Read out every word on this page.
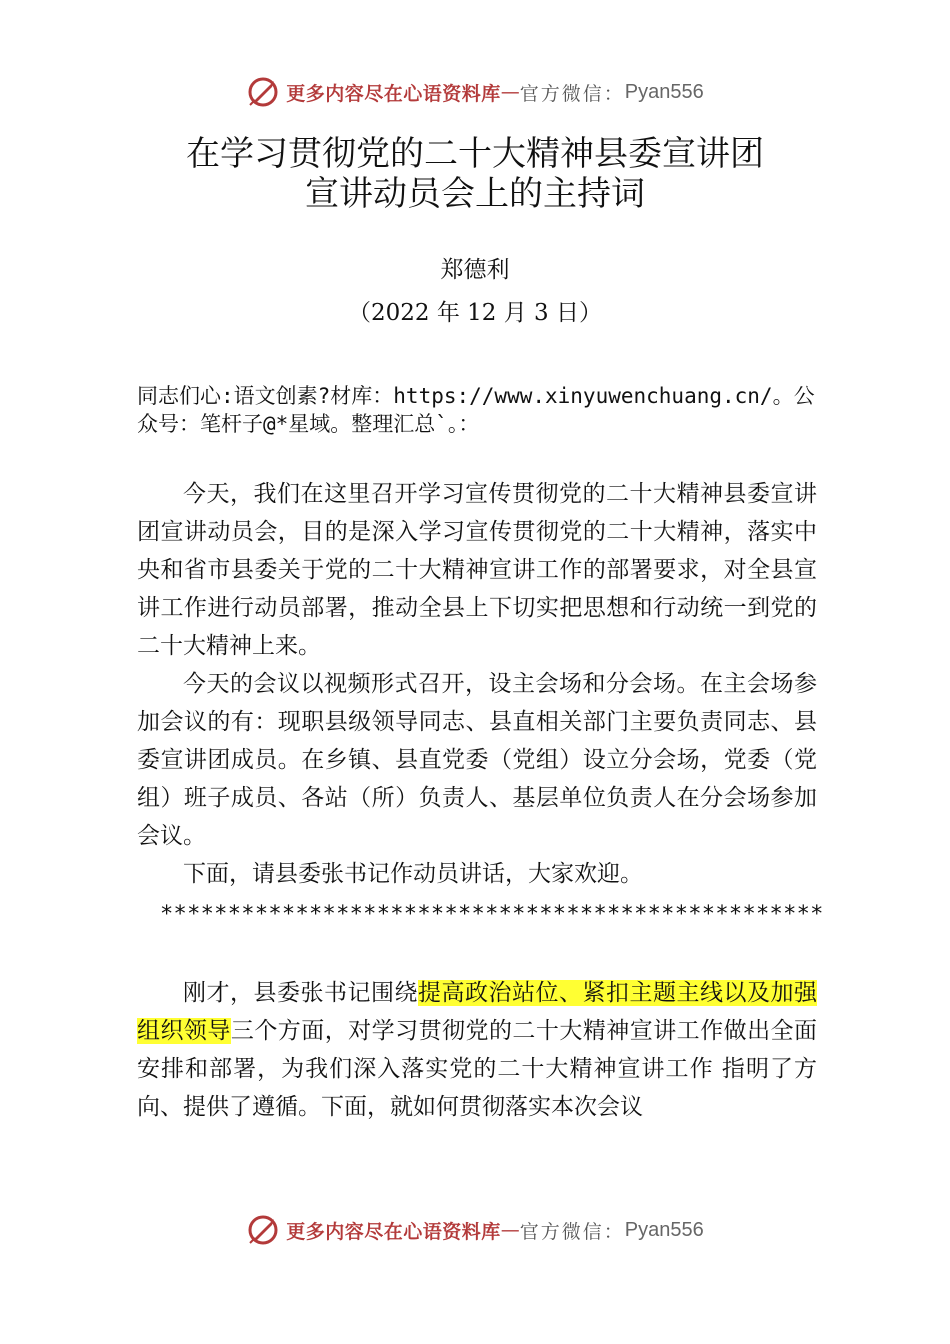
更多内容尽在心语资料库 — 官方微信： Pyan556
在学习贯彻党的二十大精神县委宣讲团
宣讲动员会上的主持词
郑德利
（2022 年 12 月 3 日）
同志们心:语文创素?材库：https://www.xinyuwenchuang.cn/。公众号：笔杆子@*星域。整理汇总`。：
今天，我们在这里召开学习宣传贯彻党的二十大精神县委宣讲团宣讲动员会，目的是深入学习宣传贯彻党的二十大精神，落实中央和省市县委关于党的二十大精神宣讲工作的部署要求，对全县宣讲工作进行动员部署，推动全县上下切实把思想和行动统一到党的二十大精神上来。
今天的会议以视频形式召开，设主会场和分会场。在主会场参加会议的有：现职县级领导同志、县直相关部门主要负责同志、县委宣讲团成员。在乡镇、县直党委（党组）设立分会场，党委（党组）班子成员、各站（所）负责人、基层单位负责人在分会场参加会议。
下面，请县委张书记作动员讲话，大家欢迎。
*************************************************
刚才，县委张书记围绕提高政治站位、紧扣主题主线以及加强组织领导三个方面，对学习贯彻党的二十大精神宣讲工作做出全面安排和部署，为我们深入落实党的二十大精神宣讲工作 指明了方向、提供了遵循。下面，就如何贯彻落实本次会议
更多内容尽在心语资料库 — 官方微信： Pyan556
